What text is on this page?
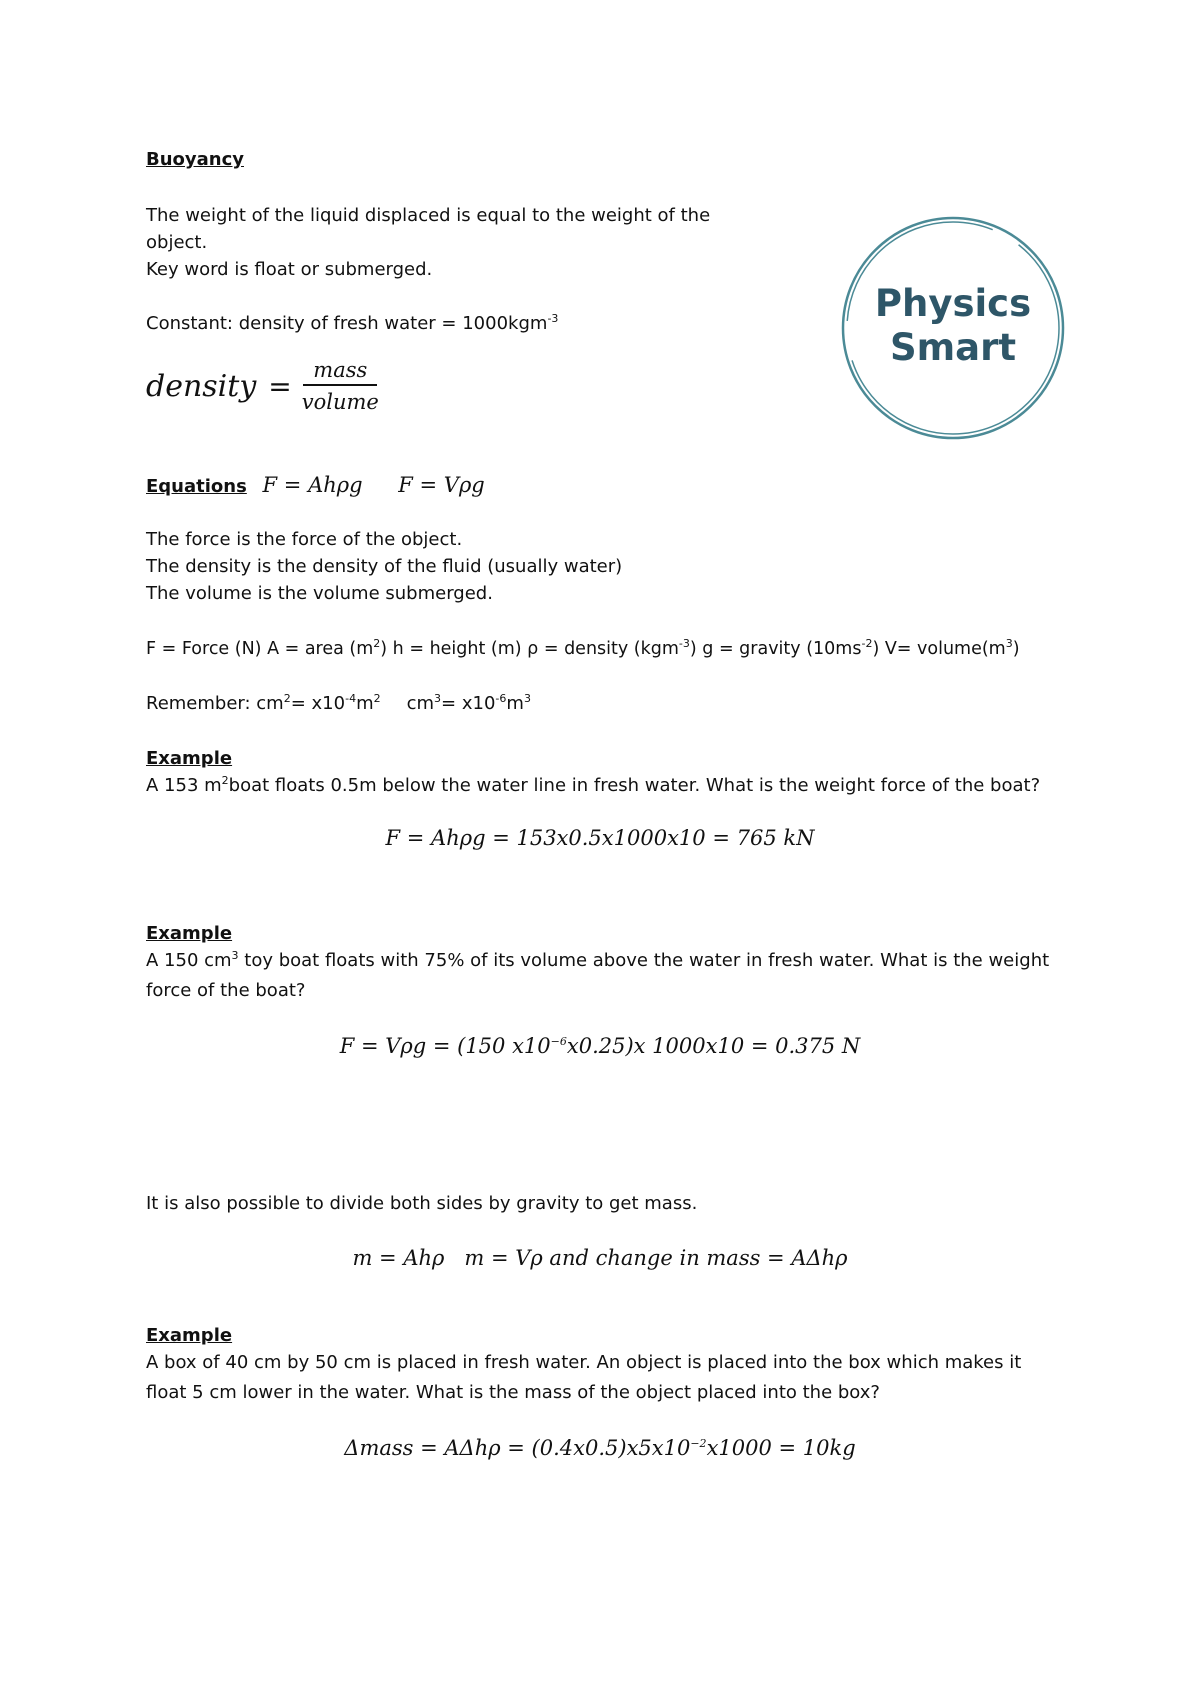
Buoyancy
The weight of the liquid displaced is equal to the weight of the
object.
Key word is float or submerged.
Constant: density of fresh water = 1000kgm$^{-3}$
density = $\frac{\text{mass}}{\text{volume}}$
Physics
Smart
Equations F = Ahρg F = Vρg
The force is the force of the object.
The density is the density of the fluid (usually water)
The volume is the volume submerged.
F = Force (N) A = area $(m^2) h$ = height (m) ρ = density (kgm$^{-3}$) g = gravity $(10ms^{-2})$ $V= volume(m^3)$
Remember: $cm^2= x10^{-4}m^2$ $cm^3= x10^{-6}m^3$
Example
A 153 $m^2boat$ floats 0.5m below the water line in fresh water. What is the weight force of the boat?
F = Ahρg = 153x0.5x1000x10 = 765 kN
Example
A 150 $cm^3$ toy boat floats with 75% of its volume above the water in fresh water. What is the weight
force of the boat?
F = Vρg = (150 $x10^{-6}x0.25)x$ 1000x10 = 0.375 N
It is also possible to divide both sides by gravity to get mass.
m = Ahρ   m = Vρ and change in mass = AΔhρ
Example
A box of 40 cm by 50 cm is placed in fresh water. An object is placed into the box which makes it
float 5 cm lower in the water. What is the mass of the object placed into the box?
Δmass = $A\Delta h\rho = (0.4x0.5)x5x10^{-2}x1000 = 10kg$
